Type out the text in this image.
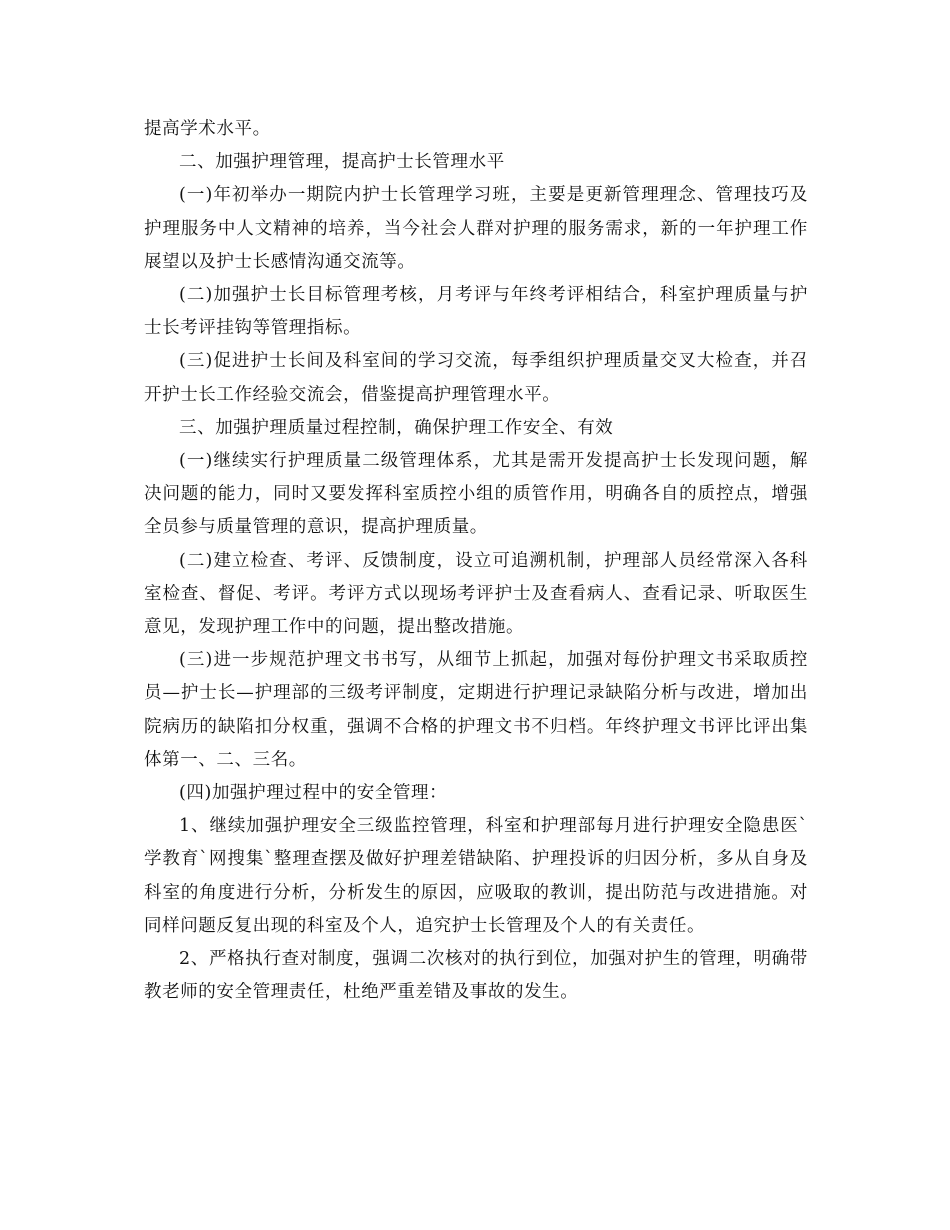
提高学术水平。

二、加强护理管理，提高护士长管理水平

(一)年初举办一期院内护士长管理学习班，主要是更新管理理念、管理技巧及护理服务中人文精神的培养，当今社会人群对护理的服务需求，新的一年护理工作展望以及护士长感情沟通交流等。

(二)加强护士长目标管理考核，月考评与年终考评相结合，科室护理质量与护士长考评挂钩等管理指标。

(三)促进护士长间及科室间的学习交流，每季组织护理质量交叉大检查，并召开护士长工作经验交流会，借鉴提高护理管理水平。

三、加强护理质量过程控制，确保护理工作安全、有效

(一)继续实行护理质量二级管理体系，尤其是需开发提高护士长发现问题，解决问题的能力，同时又要发挥科室质控小组的质管作用，明确各自的质控点，增强全员参与质量管理的意识，提高护理质量。

(二)建立检查、考评、反馈制度，设立可追溯机制，护理部人员经常深入各科室检查、督促、考评。考评方式以现场考评护士及查看病人、查看记录、听取医生意见，发现护理工作中的问题，提出整改措施。

(三)进一步规范护理文书书写，从细节上抓起，加强对每份护理文书采取质控员—护士长—护理部的三级考评制度，定期进行护理记录缺陷分析与改进，增加出院病历的缺陷扣分权重，强调不合格的护理文书不归档。年终护理文书评比评出集体第一、二、三名。

(四)加强护理过程中的安全管理：

1、继续加强护理安全三级监控管理，科室和护理部每月进行护理安全隐患医`学教育`网搜集`整理查摆及做好护理差错缺陷、护理投诉的归因分析，多从自身及科室的角度进行分析，分析发生的原因，应吸取的教训，提出防范与改进措施。对同样问题反复出现的科室及个人，追究护士长管理及个人的有关责任。

2、严格执行查对制度，强调二次核对的执行到位，加强对护生的管理，明确带教老师的安全管理责任，杜绝严重差错及事故的发生。
